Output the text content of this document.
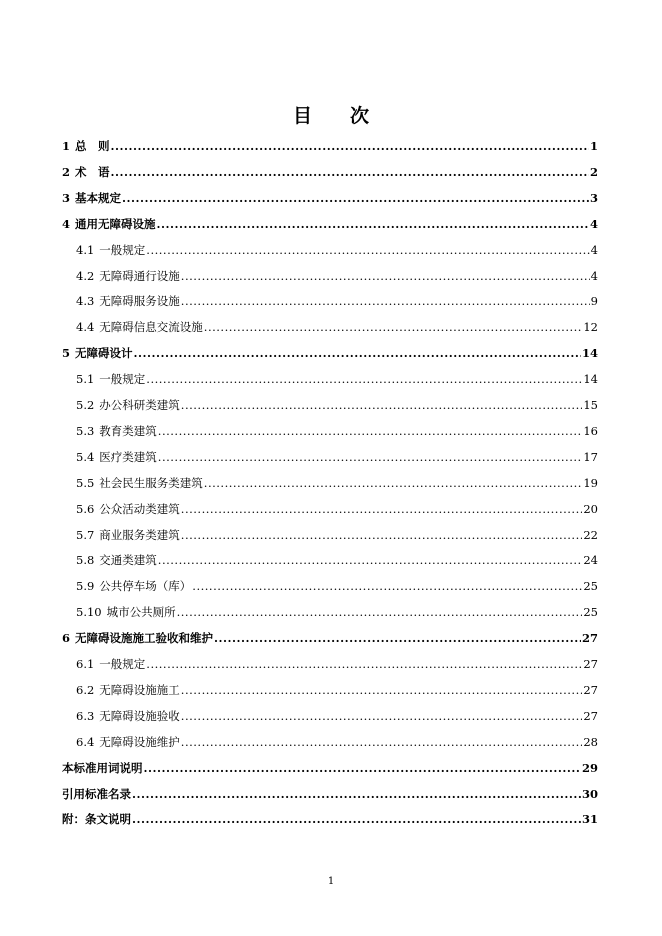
目　　次
1 总　则 .....	1
2 术　语 .....	2
3 基本规定 .....	3
4 通用无障碍设施 .....	4
4.1 一般规定 .....	4
4.2 无障碍通行设施 .....	4
4.3 无障碍服务设施 .....	9
4.4 无障碍信息交流设施 .....	12
5 无障碍设计 .....	14
5.1 一般规定 .....	14
5.2 办公科研类建筑 .....	15
5.3 教育类建筑 .....	16
5.4 医疗类建筑 .....	17
5.5 社会民生服务类建筑 .....	19
5.6 公众活动类建筑 .....	20
5.7 商业服务类建筑 .....	22
5.8 交通类建筑 .....	24
5.9 公共停车场（库） .....	25
5.10 城市公共厕所 .....	25
6 无障碍设施施工验收和维护 .....	27
6.1 一般规定 .....	27
6.2 无障碍设施施工 .....	27
6.3 无障碍设施验收 .....	27
6.4 无障碍设施维护 .....	28
本标准用词说明 .....	29
引用标准名录 .....	30
附：条文说明 .....	31
1
